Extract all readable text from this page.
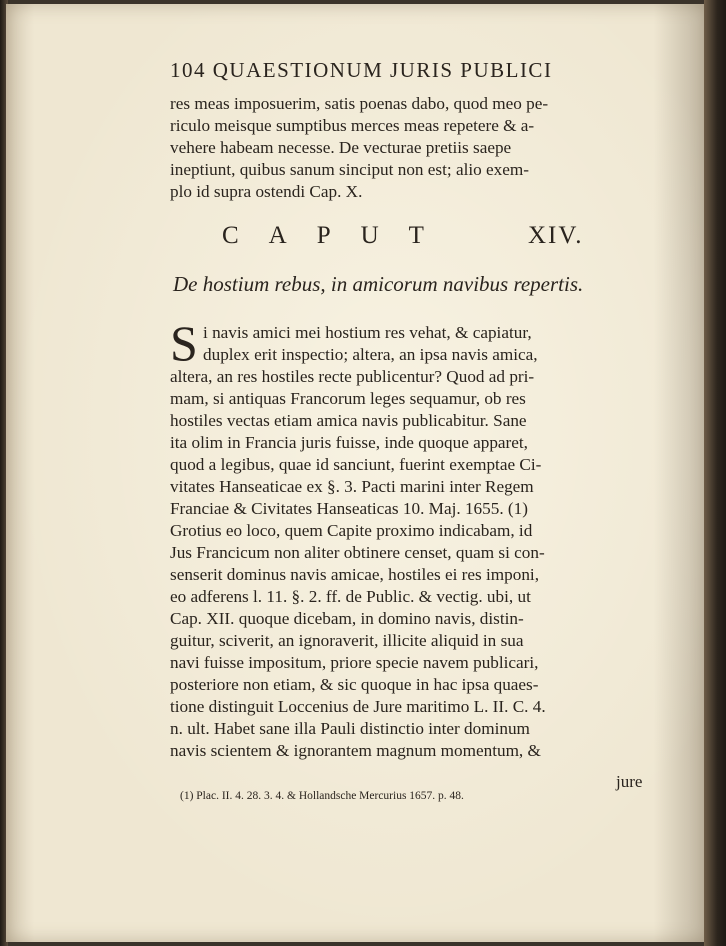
104 QUAESTIONUM JURIS PUBLICI

res meas imposuerim, satis poenas dabo, quod meo pe-

riculo meisque sumptibus merces meas repetere & a-

vehere habeam necesse. De vecturae pretiis saepe

ineptiunt, quibus sanum sinciput non est; alio exem-

plo id supra ostendi Cap. X.

CAPUT	XIV.

De hostium rebus, in amicorum navibus repertis.

S i navis amici mei hostium res vehat, & capiatur,

duplex erit inspectio; altera, an ipsa navis amica,

altera, an res hostiles recte publicentur? Quod ad pri-

mam, si antiquas Francorum leges sequamur, ob res

hostiles vectas etiam amica navis publicabitur. Sane

ita olim in Francia juris fuisse, inde quoque apparet,

quod a legibus, quae id sanciunt, fuerint exemptae Ci-

vitates Hanseaticae ex §. 3. Pacti marini inter Regem

Franciae & Civitates Hanseaticas 10. Maj. 1655. (1)

Grotius eo loco, quem Capite proximo indicabam, id

Jus Francicum non aliter obtinere censet, quam si con-

senserit dominus navis amicae, hostiles ei res imponi,

eo adferens l. 11. §. 2. ff. de Public. & vectig. ubi, ut

Cap. XII. quoque dicebam, in domino navis, distin-

guitur, sciverit, an ignoraverit, illicite aliquid in sua

navi fuisse impositum, priore specie navem publicari,

posteriore non etiam, & sic quoque in hac ipsa quaes-

tione distinguit Loccenius de Jure maritimo L. II. C. 4.

n. ult. Habet sane illa Pauli distinctio inter dominum

navis scientem & ignorantem magnum momentum, &

jure

(1) Plac. II. 4. 28. 3. 4. & Hollandsche Mercurius 1657. p. 48.
